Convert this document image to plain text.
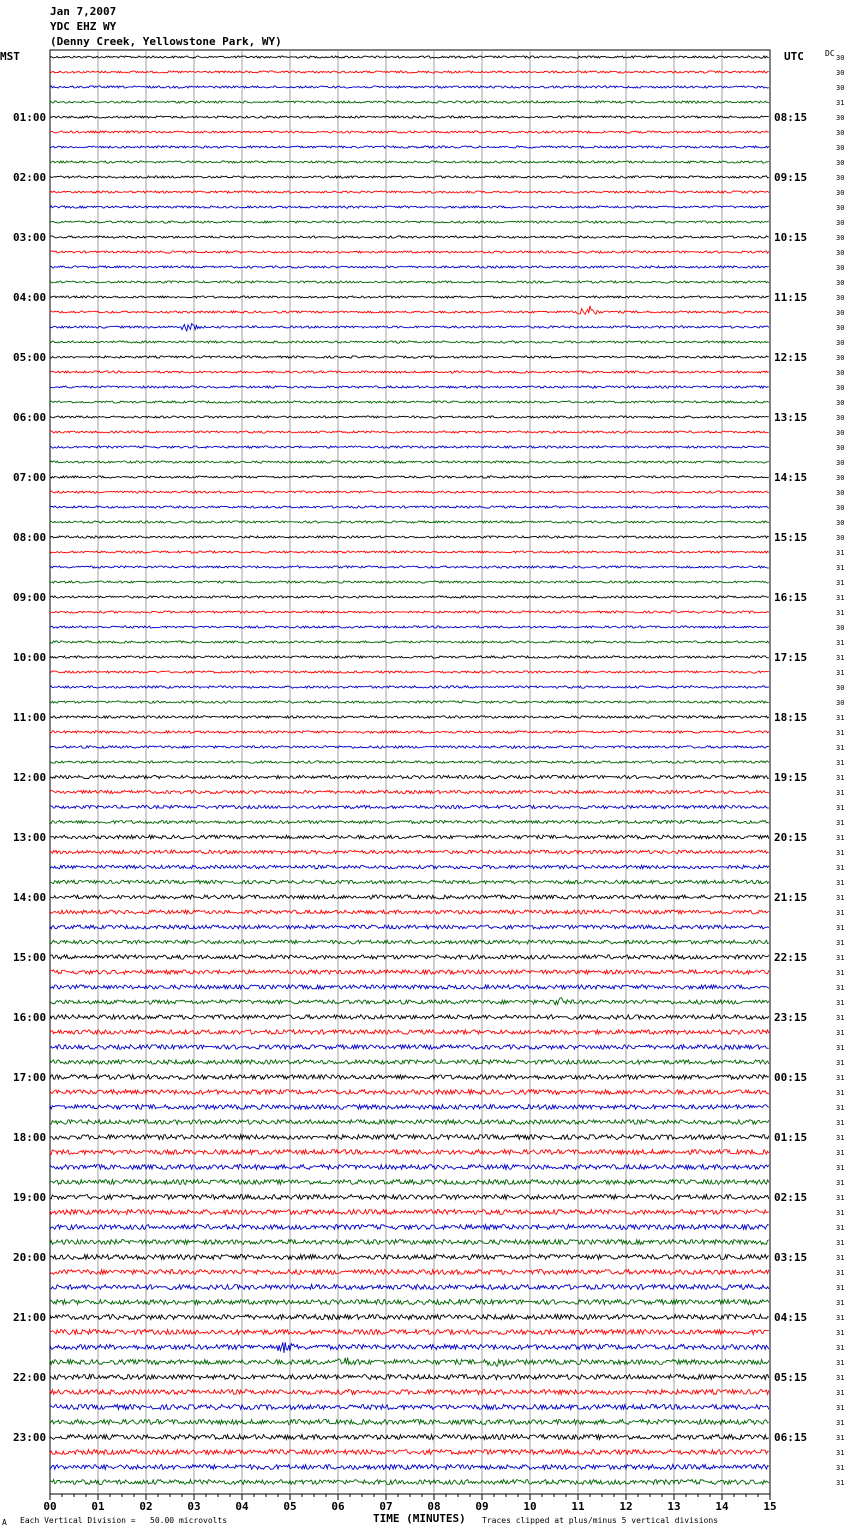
Jan 7,2007
YDC EHZ WY
(Denny Creek, Yellowstone Park, WY)
MST	UTC	DC 30
30
30
31
30
30
30
30
30
30
30
30
30
30
30
30
30
30
30
30
30
30
30
30
30
30
30
30
30
30
30
30
30
31
31
31
31
31
30
31
31
31
30
30
31
31
31
31
31
31
31
31
31
31
31
31
31
31
31
31
31
31
31
31
31
31
31
31
31
31
31
31
31
31
31
31
31
31
31
31
31
31
31
31
31
31
31
31
31
31
31
31
31
31
31
31
01:00
02:00
03:00
04:00
05:00
06:00
07:00
08:00
09:00
10:00
11:00
12:00
13:00
14:00
15:00
16:00
17:00
18:00
19:00
20:00
21:00
22:00
23:00
08:15
09:15
10:15
11:15
12:15
13:15
14:15
15:15
16:15
17:15
18:15
19:15
20:15
21:15
22:15
23:15
00:15
01:15
02:15
03:15
04:15
05:15
06:15
00	01	02	03	04	05	06	07	08	09	10	11	12	13	14	15
A Each Vertical Division =   50.00 microvolts	TIME (MINUTES) Traces clipped at plus/minus 5 vertical divisions
